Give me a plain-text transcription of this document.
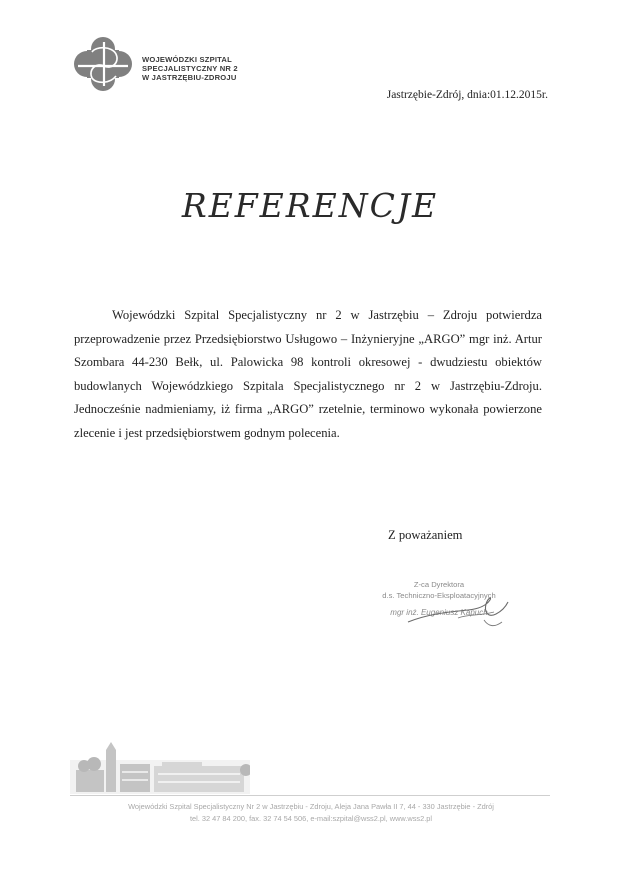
WOJEWÓDZKI SZPITAL
SPECJALISTYCZNY NR 2
W JASTRZĘBIU-ZDROJU
Jastrzębie-Zdrój, dnia:01.12.2015r.
REFERENCJE
Wojewódzki Szpital Specjalistyczny nr 2 w Jastrzębiu – Zdroju potwierdza przeprowadzenie przez Przedsiębiorstwo Usługowo – Inżynieryjne „ARGO” mgr inż. Artur Szombara 44-230 Bełk, ul. Palowicka 98 kontroli okresowej - dwudziestu obiektów budowlanych Wojewódzkiego Szpitala Specjalistycznego nr 2 w Jastrzębiu-Zdroju. Jednocześnie nadmieniamy, iż firma „ARGO” rzetelnie, terminowo wykonała powierzone zlecenie i jest przedsiębiorstwem godnym polecenia.
Z poważaniem
Z-ca Dyrektora
d.s. Techniczno-Eksploatacyjnych
mgr inż. Eugeniusz Kapuch
Wojewódzki Szpital Specjalistyczny Nr 2 w Jastrzębiu - Zdroju, Aleja Jana Pawła II 7, 44 - 330 Jastrzębie - Zdrój
tel. 32 47 84 200, fax. 32 74 54 506, e-mail:szpital@wss2.pl, www.wss2.pl
